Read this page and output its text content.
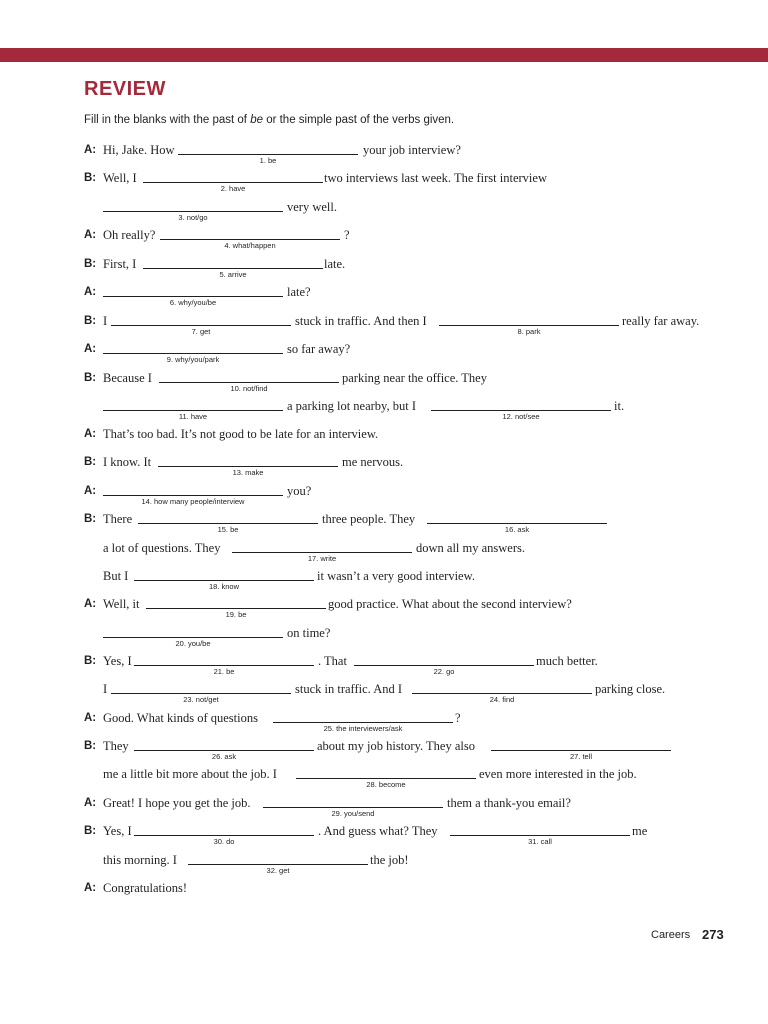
REVIEW
Fill in the blanks with the past of be or the simple past of the verbs given.
A: Hi, Jake. How
1. be
your job interview?
B: Well, I
2. have
two interviews last week. The first interview
3. not/go
very well.
A: Oh really?
4. what/happen
?
B: First, I
5. arrive
late.
A:
6. why/you/be
late?
B: I
7. get
stuck in traffic. And then I
8. park
really far away.
A:
9. why/you/park
so far away?
B: Because I
10. not/find
parking near the office. They
11. have
a parking lot nearby, but I
12. not/see
it.
A: That’s too bad. It’s not good to be late for an interview.
B: I know. It
13. make
me nervous.
A:
14. how many people/interview
you?
B: There
15. be
three people. They
16. ask
a lot of questions. They
17. write
down all my answers.
But I
18. know
it wasn’t a very good interview.
A: Well, it
19. be
good practice. What about the second interview?
20. you/be
on time?
B: Yes, I
21. be
. That
22. go
much better.
I
23. not/get
stuck in traffic. And I
24. find
parking close.
A: Good. What kinds of questions
25. the interviewers/ask
?
B: They
26. ask
about my job history. They also
27. tell
me a little bit more about the job. I
28. become
even more interested in the job.
A: Great! I hope you get the job.
29. you/send
them a thank-you email?
B: Yes, I
30. do
. And guess what? They
31. call
me
this morning. I
32. get
the job!
A: Congratulations!
Careers 273
